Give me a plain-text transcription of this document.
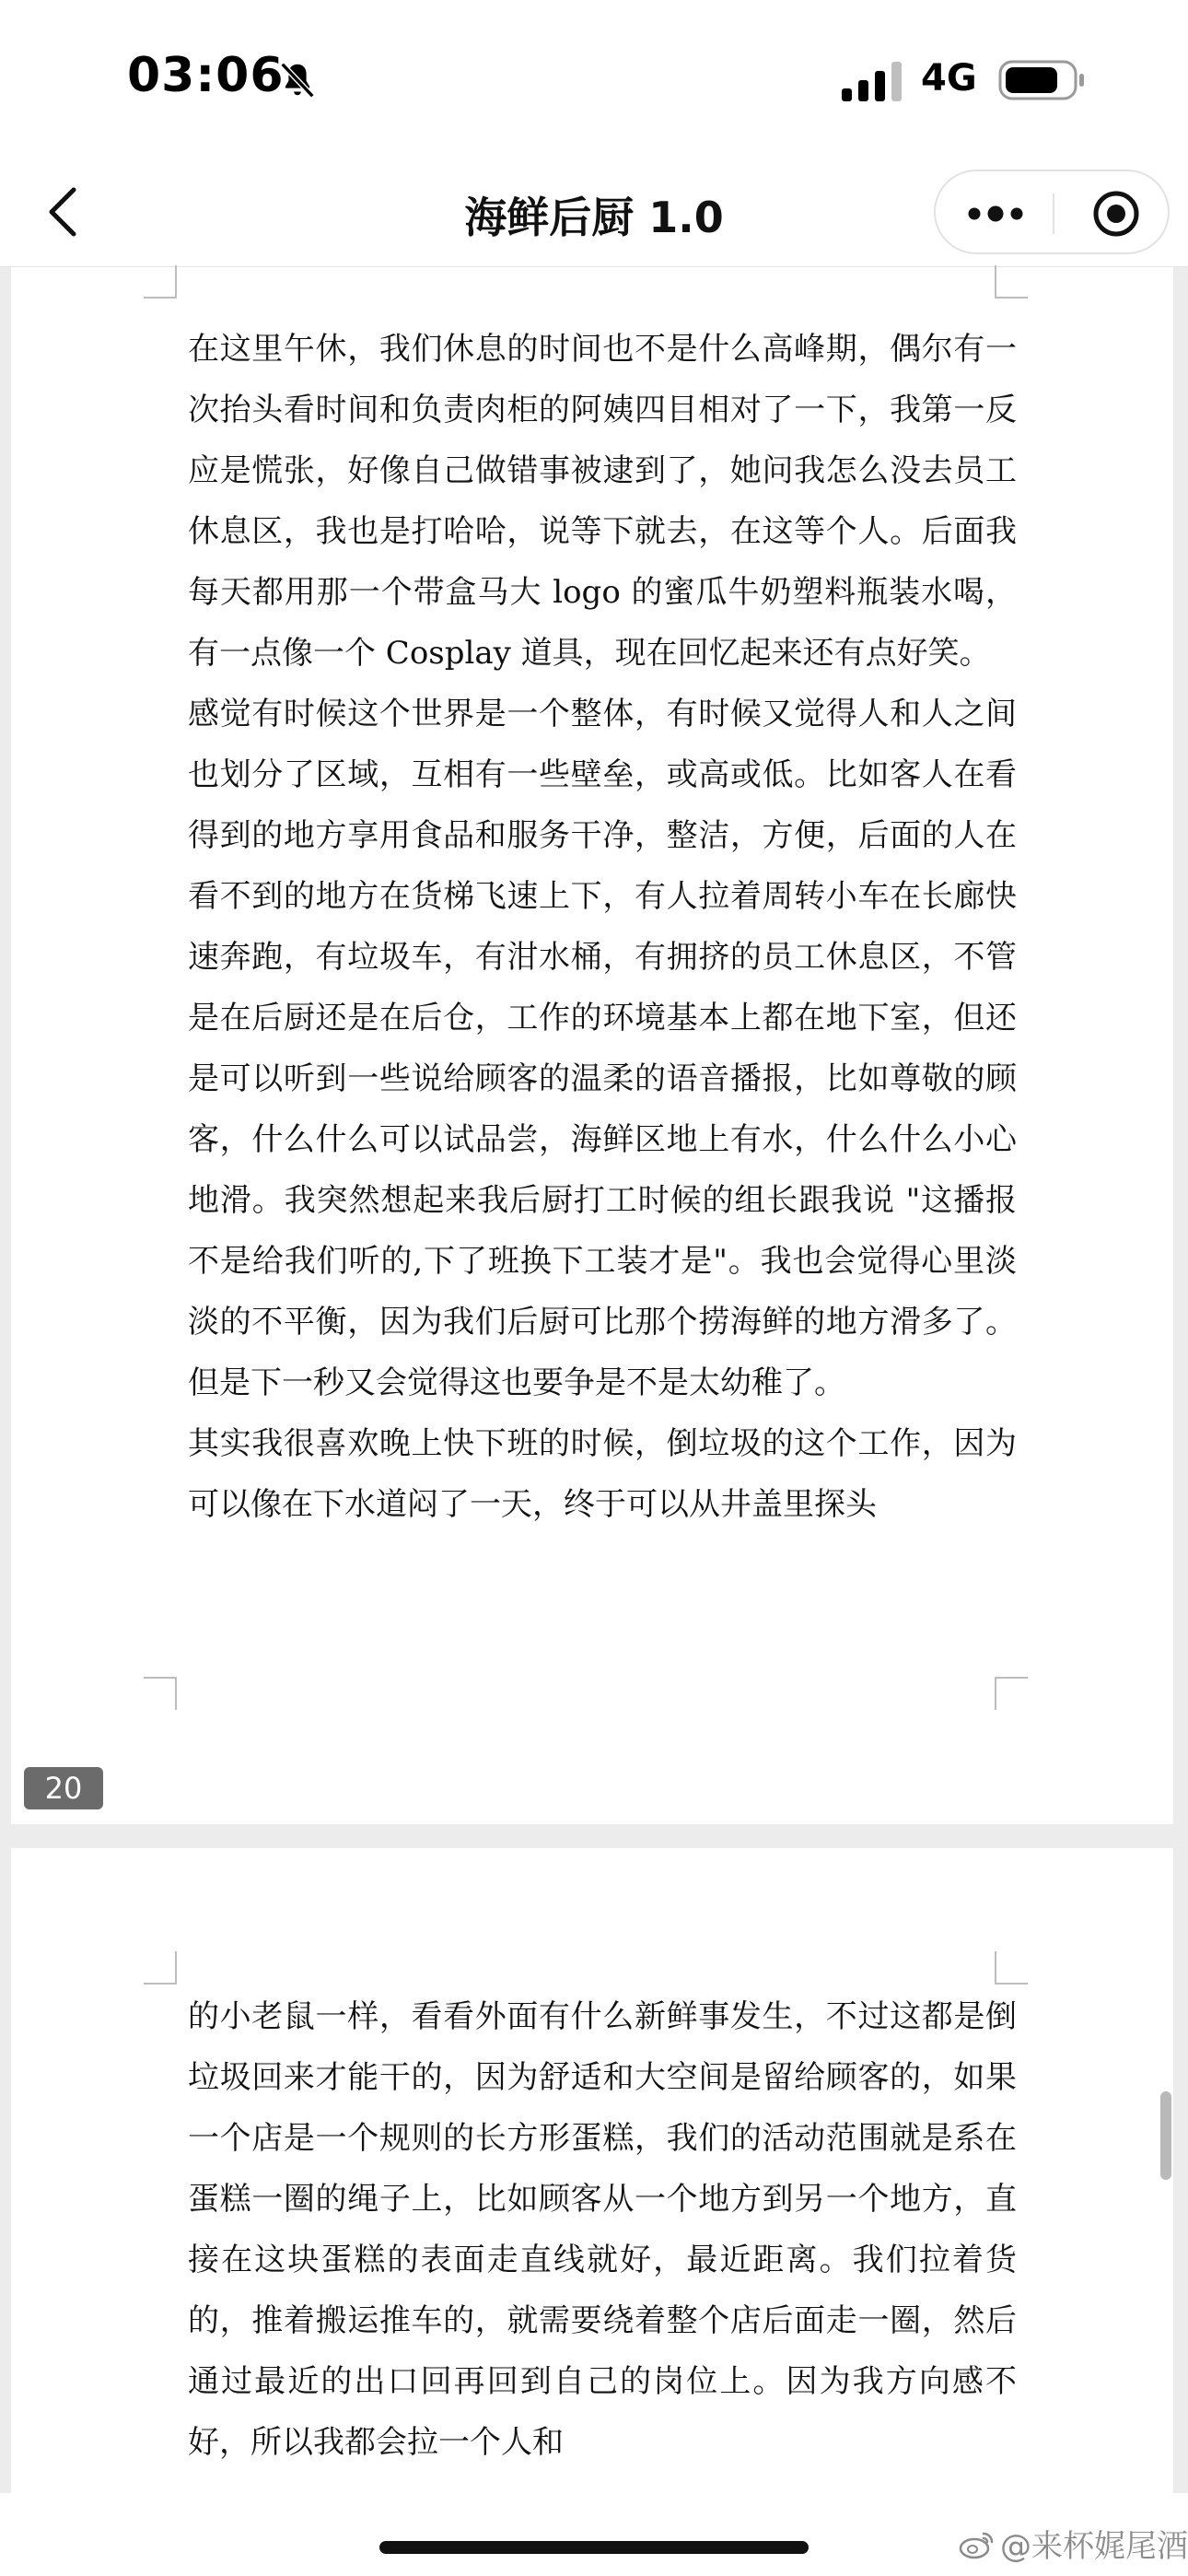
03:06	4G
海鲜后厨 1.0

在这里午休，我们休息的时间也不是什么高峰期，偶尔有一次抬头看时间和负责肉柜的阿姨四目相对了一下，我第一反应是慌张，好像自己做错事被逮到了，她问我怎么没去员工休息区，我也是打哈哈，说等下就去，在这等个人。后面我每天都用那一个带盒马大 logo 的蜜瓜牛奶塑料瓶装水喝，有一点像一个 Cosplay 道具，现在回忆起来还有点好笑。

感觉有时候这个世界是一个整体，有时候又觉得人和人之间也划分了区域，互相有一些壁垒，或高或低。比如客人在看得到的地方享用食品和服务干净，整洁，方便，后面的人在看不到的地方在货梯飞速上下，有人拉着周转小车在长廊快速奔跑，有垃圾车，有泔水桶，有拥挤的员工休息区，不管是在后厨还是在后仓，工作的环境基本上都在地下室，但还是可以听到一些说给顾客的温柔的语音播报，比如尊敬的顾客，什么什么可以试品尝，海鲜区地上有水，什么什么小心地滑。我突然想起来我后厨打工时候的组长跟我说 "这播报不是给我们听的,下了班换下工装才是"。我也会觉得心里淡淡的不平衡，因为我们后厨可比那个捞海鲜的地方滑多了。但是下一秒又会觉得这也要争是不是太幼稚了。

其实我很喜欢晚上快下班的时候，倒垃圾的这个工作，因为可以像在下水道闷了一天，终于可以从井盖里探头

20

的小老鼠一样，看看外面有什么新鲜事发生，不过这都是倒垃圾回来才能干的，因为舒适和大空间是留给顾客的，如果一个店是一个规则的长方形蛋糕，我们的活动范围就是系在蛋糕一圈的绳子上，比如顾客从一个地方到另一个地方，直接在这块蛋糕的表面走直线就好，最近距离。我们拉着货的，推着搬运推车的，就需要绕着整个店后面走一圈，然后通过最近的出口回再回到自己的岗位上。因为我方向感不好，所以我都会拉一个人和

@来杯娓尾酒
